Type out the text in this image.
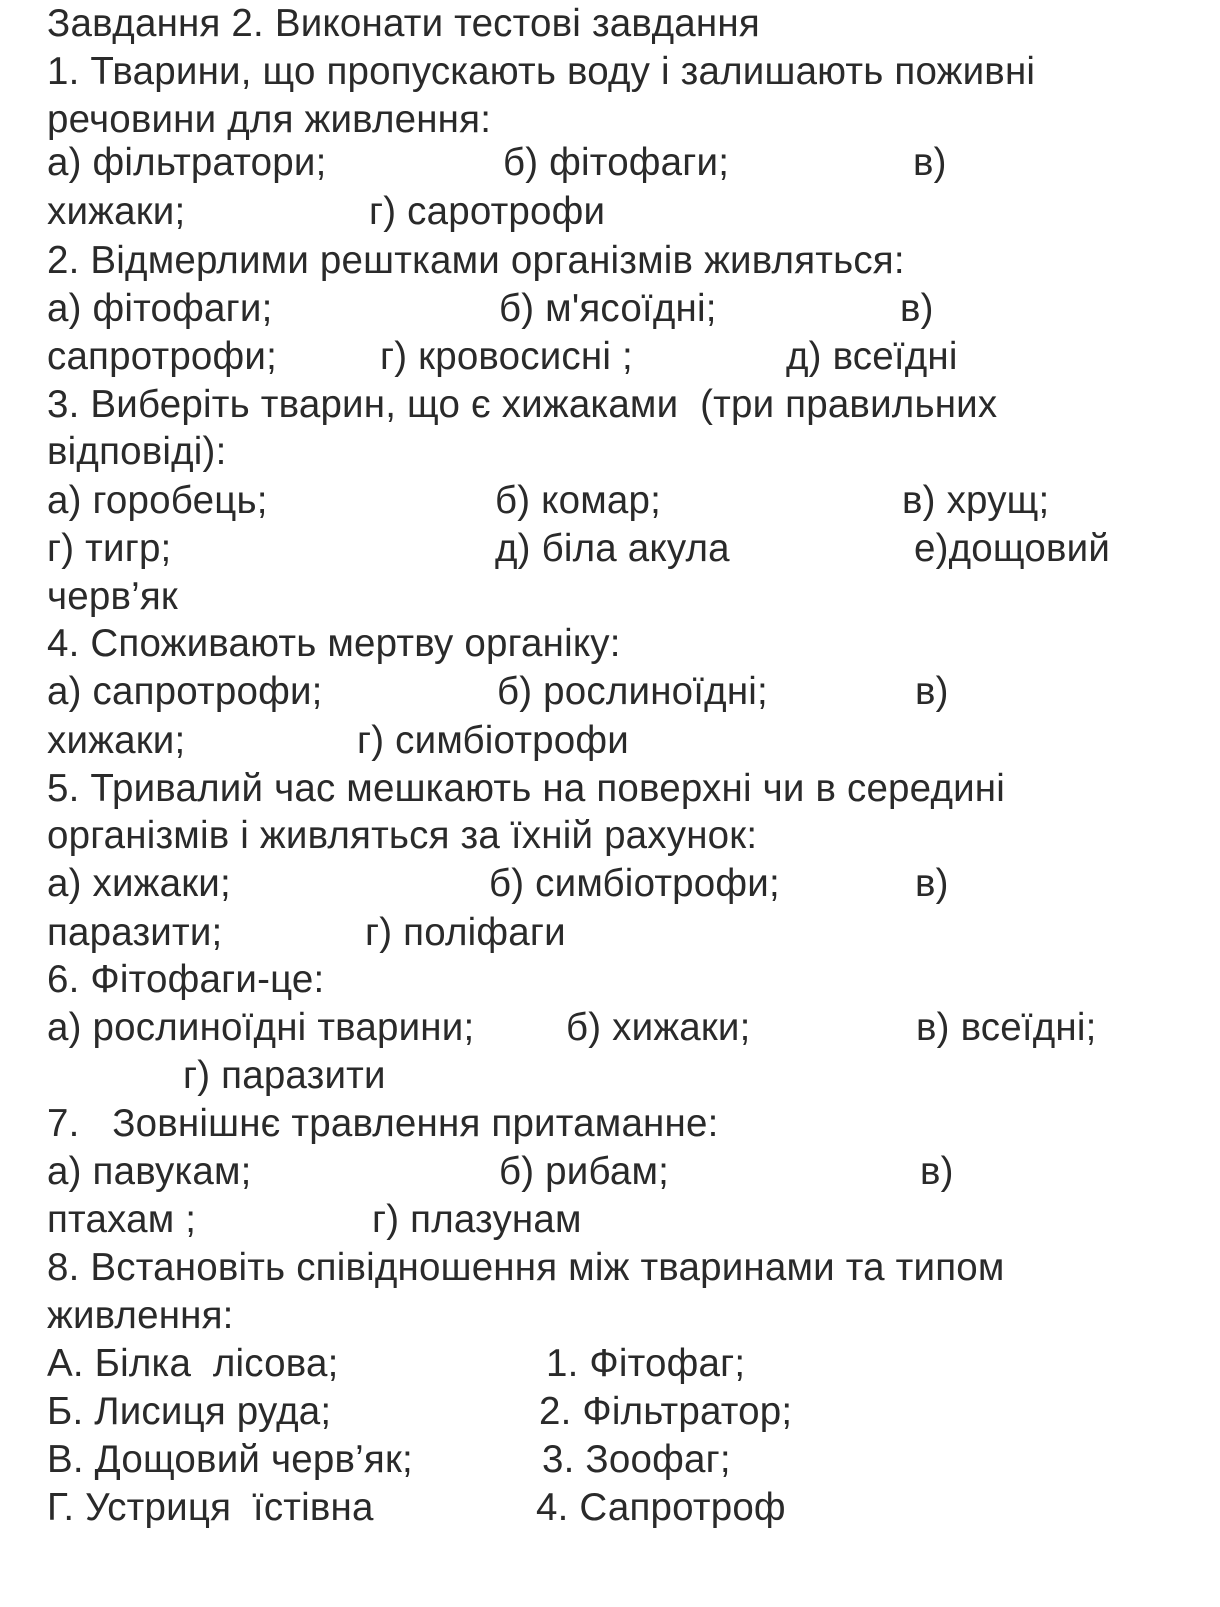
Завдання 2. Виконати тестові завдання
1. Тварини, що пропускають воду і залишають поживні
речовини для живлення:
а) фільтратори;	б) фітофаги;	в)
хижаки;	г) саротрофи
2. Відмерлими рештками організмів живляться:
а) фітофаги;	б) м'ясоїдні;	в)
сапротрофи;	г) кровосисні ;	д) всеїдні
3. Виберіть тварин, що є хижаками  (три правильних
відповіді):
а) горобець;	б) комар;	в) хрущ;
г) тигр;	д) біла акула	е)дощовий
черв’як
4. Споживають мертву органіку:
а) сапротрофи;	б) рослиноїдні;	в)
хижаки;	г) симбіотрофи
5. Тривалий час мешкають на поверхні чи в середині
організмів і живляться за їхній рахунок:
а) хижаки;	б) симбіотрофи;	в)
паразити;	г) поліфаги
6. Фітофаги-це:
а) рослиноїдні тварини; б) хижаки;	в) всеїдні;
г) паразити
7.   Зовнішнє травлення притаманне:
а) павукам;	б) рибам;	в)
птахам ;	г) плазунам
8. Встановіть співідношення між тваринами та типом
живлення:
А. Білка  лісова;	1. Фітофаг;
Б. Лисиця руда;	2. Фільтратор;
В. Дощовий черв’як;	3. Зоофаг;
Г. Устриця  їстівна	4. Сапротроф
